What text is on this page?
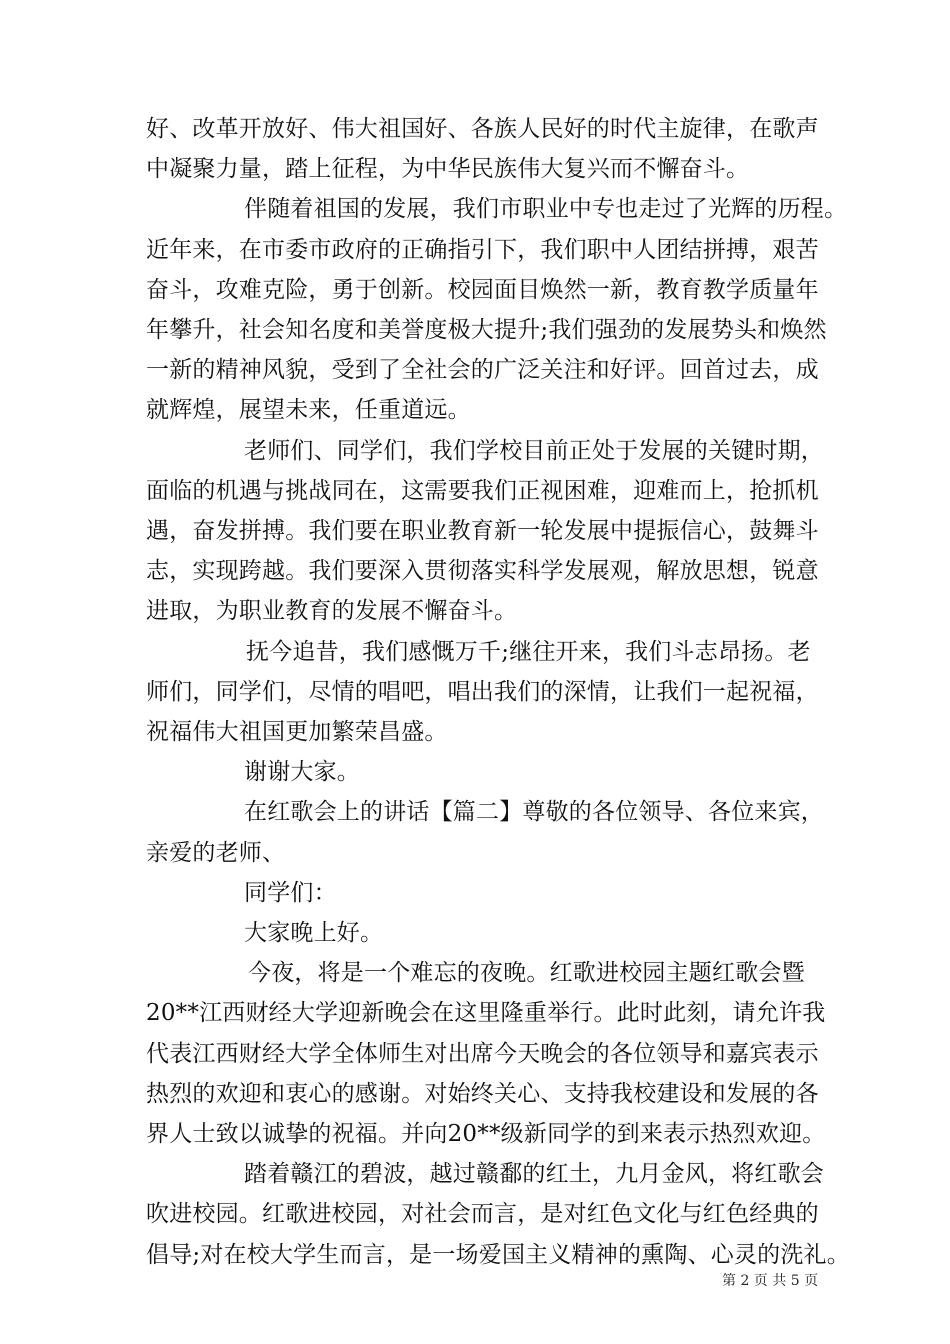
好、改革开放好、伟大祖国好、各族人民好的时代主旋律，在歌声
中凝聚力量，踏上征程，为中华民族伟大复兴而不懈奋斗。
伴随着祖国的发展，我们市职业中专也走过了光辉的历程。
近年来，在市委市政府的正确指引下，我们职中人团结拼搏，艰苦
奋斗，攻难克险，勇于创新。校园面目焕然一新，教育教学质量年
年攀升，社会知名度和美誉度极大提升;我们强劲的发展势头和焕然
一新的精神风貌，受到了全社会的广泛关注和好评。回首过去，成
就辉煌，展望未来，任重道远。
老师们、同学们，我们学校目前正处于发展的关键时期，
面临的机遇与挑战同在，这需要我们正视困难，迎难而上，抢抓机
遇，奋发拼搏。我们要在职业教育新一轮发展中提振信心，鼓舞斗
志，实现跨越。我们要深入贯彻落实科学发展观，解放思想，锐意
进取，为职业教育的发展不懈奋斗。
抚今追昔，我们感慨万千;继往开来，我们斗志昂扬。老
师们，同学们，尽情的唱吧，唱出我们的深情，让我们一起祝福，
祝福伟大祖国更加繁荣昌盛。
谢谢大家。
在红歌会上的讲话【篇二】尊敬的各位领导、各位来宾，
亲爱的老师、
同学们：
大家晚上好。
今夜，将是一个难忘的夜晚。红歌进校园主题红歌会暨
20**江西财经大学迎新晚会在这里隆重举行。此时此刻，请允许我
代表江西财经大学全体师生对出席今天晚会的各位领导和嘉宾表示
热烈的欢迎和衷心的感谢。对始终关心、支持我校建设和发展的各
界人士致以诚挚的祝福。并向20**级新同学的到来表示热烈欢迎。
踏着赣江的碧波，越过赣鄱的红土，九月金风，将红歌会
吹进校园。红歌进校园，对社会而言，是对红色文化与红色经典的
倡导;对在校大学生而言，是一场爱国主义精神的熏陶、心灵的洗礼。
第 2 页 共 5 页
